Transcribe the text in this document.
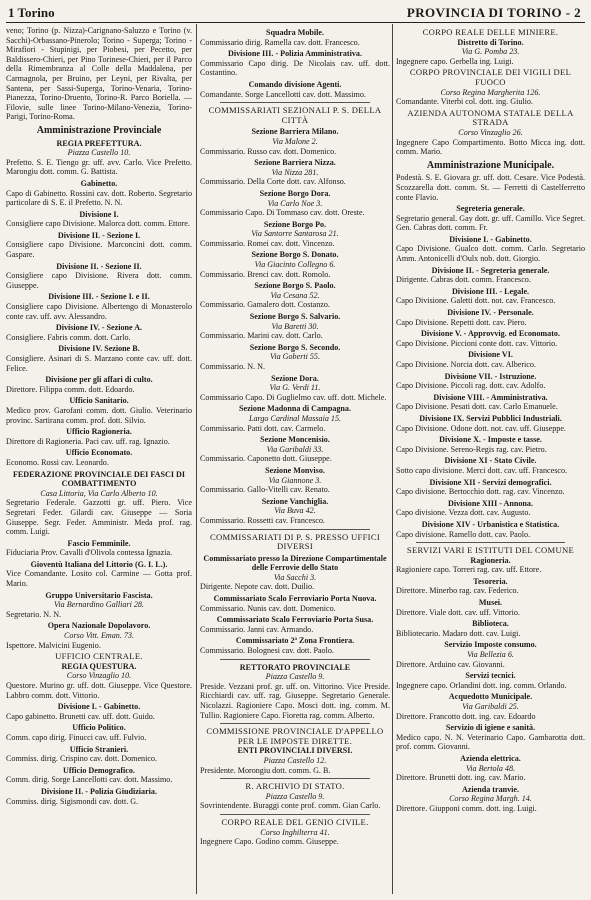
1 Torino	PROVINCIA DI TORINO - 2

veno; Torino (p. Nizza)-Carignano-Saluzzo e Torino (v. Sacchi)-Orbassano-Pinerolo; Torino - Superga; Torino - Mirafiori - Stupinigi, per Piobesi, per Pecetto, per Baldissero-Chieri, per Pino Torinese-Chieri, per il Parco della Rimembranza al Colle della Maddalena, per Carmagnola, per Bruino, per Leyni, per Rivalta, per Santena, per Sassi-Superga, Torino-Venaria, Torino-Pianezza, Torino-Druento, Torino-R. Parco Boriella. — Filovie, sulle linee Torino-Milano-Venezia, Torino-Parigi, Torino-Roma.

Amministrazione Provinciale

REGIA PREFETTURA.

Piazza Castello 10.

Prefetto. S. E. Tiengo gr. uff. avv. Carlo. Vice Prefetto. Marongiu dott. comm. G. Battista.

Gabinetto.

Capo di Gabinetto. Rossini cav. dott. Roberto. Segretario particolare di S. E. il Prefetto. N. N.

Divisione I.

Consigliere capo Divisione. Malorca dott. comm. Ettore.

Divisione II. - Sezione I.

Consigliere capo Divisione. Marconcini dott. comm. Gaspare.

Divisione II. - Sezione II.

Consigliere capo Divisione. Rivera dott. comm. Giuseppe.

Divisione III. - Sezione I. e II.

Consigliere capo Divisione. Albertengo di Monasterolo conte cav. uff. avv. Alessandro.

Divisione IV. - Sezione A.

Consigliere. Fabris comm. dott. Carlo.

Divisione IV. Sezione B.

Consigliere. Asinari di S. Marzano conte cav. uff. dott. Felice.

Divisione per gli affari di culto.

Direttore. Filippa comm. dott. Edoardo.

Ufficio Sanitario.

Medico prov. Garofani comm. dott. Giulio. Veterinario provinc. Sartirana comm. prof. dott. Silvio.

Ufficio Ragioneria.

Direttore di Ragioneria. Paci cav. uff. rag. Ignazio.

Ufficio Economato.

Economo. Rossi cav. Leonardo.

FEDERAZIONE PROVINCIALE DEI FASCI DI COMBATTIMENTO

Casa Littoria, Via Carlo Alberto 10.

Segretario Federale. Gazzotti gr. uff. Piero. Vice Segretari Feder. Gilardi cav. Giuseppe — Soria Giuseppe. Segr. Feder. Amministr. Meda prof. rag. comm. Luigi.

Fascio Femminile.

Fiduciaria Prov. Cavalli d'Olivola contessa Ignazia.

Gioventù Italiana del Littorio (G. I. L.).

Vice Comandante. Losito col. Carmine — Gotta prof. Mario.

Gruppo Universitario Fascista.

Via Bernardino Galliari 28.

Segretario. N. N.

Opera Nazionale Dopolavoro.

Corso Vitt. Eman. 73.

Ispettore. Malvicini Eugenio.

UFFICIO CENTRALE.

REGIA QUESTURA.

Corso Vinzaglio 10.

Questore. Murino gr. uff. dott. Giuseppe. Vice Questore. Labbro comm. dott. Vittorio.

Divisione I. - Gabinetto.

Capo gabinetto. Brunetti cav. uff. dott. Guido.

Ufficio Politico.

Comm. capo dirig. Finucci cav. uff. Fulvio.

Ufficio Stranieri.

Commiss. dirig. Crispino cav. dott. Domenico.

Ufficio Demografico.

Comm. dirig. Sorge Lancellotti cav. dott. Massimo.

Divisione II. - Polizia Giudiziaria.

Commiss. dirig. Sigismondi cav. dott. G.

Squadra Mobile.

Commissario dirig. Ramella cav. dott. Francesco.

Divisione III. - Polizia Amministrativa.

Commissario Capo dirig. De Nicolais cav. uff. dott. Costantino.

Comando divisione Agenti.

Comandante. Sorge Lancellotti cav. dott. Massimo.

COMMISSARIATI SEZIONALI P. S. DELLA CITTÀ

Sezione Barriera Milano.

Via Malone 2.

Commissario. Russo cav. dott. Domenico.

Sezione Barriera Nizza.

Via Nizza 281.

Commissario. Della Corte dott. cav. Alfonso.

Sezione Borgo Dora.

Via Carlo Noe 3.

Commissario Capo. Di Tommaso cav. dott. Oreste.

Sezione Borgo Po.

Via Santorre Santarosa 21.

Commissario. Romei cav. dott. Vincenzo.

Sezione Borgo S. Donato.

Via Giacinto Collegno 6.

Commissario. Brenci cav. dott. Romolo.

Sezione Borgo S. Paolo.

Via Cesana 52.

Commissario. Gamalero dott. Costanzo.

Sezione Borgo S. Salvario.

Via Baretti 30.

Commissario. Marini cav. dott. Carlo.

Sezione Borgo S. Secondo.

Via Goberti 55.

Commissario. N. N.

Sezione Dora.

Via G. Verdi 11.

Commissario Capo. Di Guglielmo cav. uff. dott. Michele.

Sezione Madonna di Campagna.

Largo Cardinal Massaia 15.

Commissario. Patti dott. cav. Carmelo.

Sezione Moncenisio.

Via Garibaldi 33.

Commissario. Caponetto dott. Giuseppe.

Sezione Monviso.

Via Giannone 3.

Commissario. Gallo-Vitelli cav. Renato.

Sezione Vanchiglia.

Via Buva 42.

Commissario. Rossetti cav. Francesco.

COMMISSARIATI DI P. S. PRESSO UFFICI DIVERSI

Commissariato presso la Direzione Compartimentale delle Ferrovie dello Stato

Via Sacchi 3.

Dirigente. Nepote cav. dott. Duilio.

Commissariato Scalo Ferroviario Porta Nuova.

Commissario. Nunis cav. dott. Domenico.

Commissariato Scalo Ferroviario Porta Susa.

Commissario. Janni cav. Armando.

Commissariato 2ª Zona Frontiera.

Commissario. Bolognesi cav. dott. Paolo.

RETTORATO PROVINCIALE

Piazza Castello 9.

Preside. Vezzani prof. gr. uff. on. Vittorino. Vice Preside. Ricchiardi cav. uff. rag. Giuseppe. Segretario Generale. Nicolazzi. Ragioniere Capo. Mosci dott. ing. comm. M. Tullio. Ragioniere Capo. Fioretta rag. comm. Alberto.

COMMISSIONE PROVINCIALE D'APPELLO PER LE IMPOSTE DIRETTE.

ENTI PROVINCIALI DIVERSI.

Piazza Castello 12.

Presidente. Morongiu dott. comm. G. B.

R. ARCHIVIO DI STATO.

Piazza Castello 9.

Sovrintendente. Buraggi conte prof. comm. Gian Carlo.

CORPO REALE DEL GENIO CIVILE.

Corso Inghilterra 41.

Ingegnere Capo. Godino comm. Giuseppe.

CORPO REALE DELLE MINIERE.

Distretto di Torino.

Via G. Pomba 23.

Ingegnere capo. Gerbella ing. Luigi.

CORPO PROVINCIALE DEI VIGILI DEL FUOCO

Corso Regina Margherita 126.

Comandante. Viterbi col. dott. ing. Giulio.

AZIENDA AUTONOMA STATALE DELLA STRADA

Corso Vinzaglio 26.

Ingegnere Capo Compartimento. Botto Micca ing. dott. comm. Mario.

Amministrazione Municipale.

Podestà. S. E. Giovara gr. uff. dott. Cesare. Vice Podestà. Scozzarella dott. comm. St. — Ferretti di Castelferretto conte Flavio.

Segreteria generale.

Segretario general. Gay dott. gr. uff. Camillo. Vice Segret. Gen. Cabras dott. comm. Fr.

Divisione I. - Gabinetto.

Capo Divisione. Gualco dott. comm. Carlo. Segretario Amm. Antonicelli d'Oulx nob. dott. Giorgio.

Divisione II. - Segreteria generale.

Dirigente. Cabras dott. comm. Francesco.

Divisione III. - Legale.

Capo Divisione. Galetti dott. not. cav. Francesco.

Divisione IV. - Personale.

Capo Divisione. Repetti dott. cav. Piero.

Divisione V. - Approvvig. ed Economato.

Capo Divisione. Piccioni conte dott. cav. Vittorio.

Divisione VI.

Capo Divisione. Norcia dott. cav. Alberico.

Divisione VII. - Istruzione.

Capo Divisione. Piccoli rag. dott. cav. Adolfo.

Divisione VIII. - Amministrativa.

Capo Divisione. Pesati dott. cav. Carlo Emanuele.

Divisione IX. Servizi Pubblici Industriali.

Capo Divisione. Odone dott. not. cav. uff. Giuseppe.

Divisione X. - Imposte e tasse.

Capo Divisione. Sereno-Regis rag. cav. Pietro.

Divisione XI - Stato Civile.

Sotto capo divisione. Merci dott. cav. uff. Francesco.

Divisione XII - Servizi demografici.

Capo divisione. Bertocchio dott. rag. cav. Vincenzo.

Divisione XIII - Annona.

Capo divisione. Vezza dott. cav. Augusto.

Divisione XIV - Urbanistica e Statistica.

Capo divisione. Ramello dott. cav. Paolo.

SERVIZI VARI E ISTITUTI DEL COMUNE

Ragioneria.

Ragioniere capo. Torreri rag. cav. uff. Ettore.

Tesoreria.

Direttore. Minerbo rag. cav. Federico.

Musei.

Direttore. Viale dott. cav. uff. Vittorio.

Biblioteca.

Bibliotecario. Madaro dott. cav. Luigi.

Servizio Imposte consumo.

Via Bellezia 6.

Direttore. Arduino cav. Giovanni.

Servizi tecnici.

Ingegnere capo. Orlandini dott. ing. comm. Orlando.

Acquedotto Municipale.

Via Garibaldi 25.

Direttore. Francotto dott. ing. cav. Edoardo

Servizio di igiene e sanità.

Medico capo. N. N. Veterinario Capo. Gambarotta dott. prof. comm. Giovanni.

Azienda elettrica.

Via Bertola 48.

Direttore. Brunetti dott. ing. cav. Mario.

Azienda tranvie.

Corso Regina Margh. 14.

Direttore. Giupponi comm. dott. ing. Luigi.
